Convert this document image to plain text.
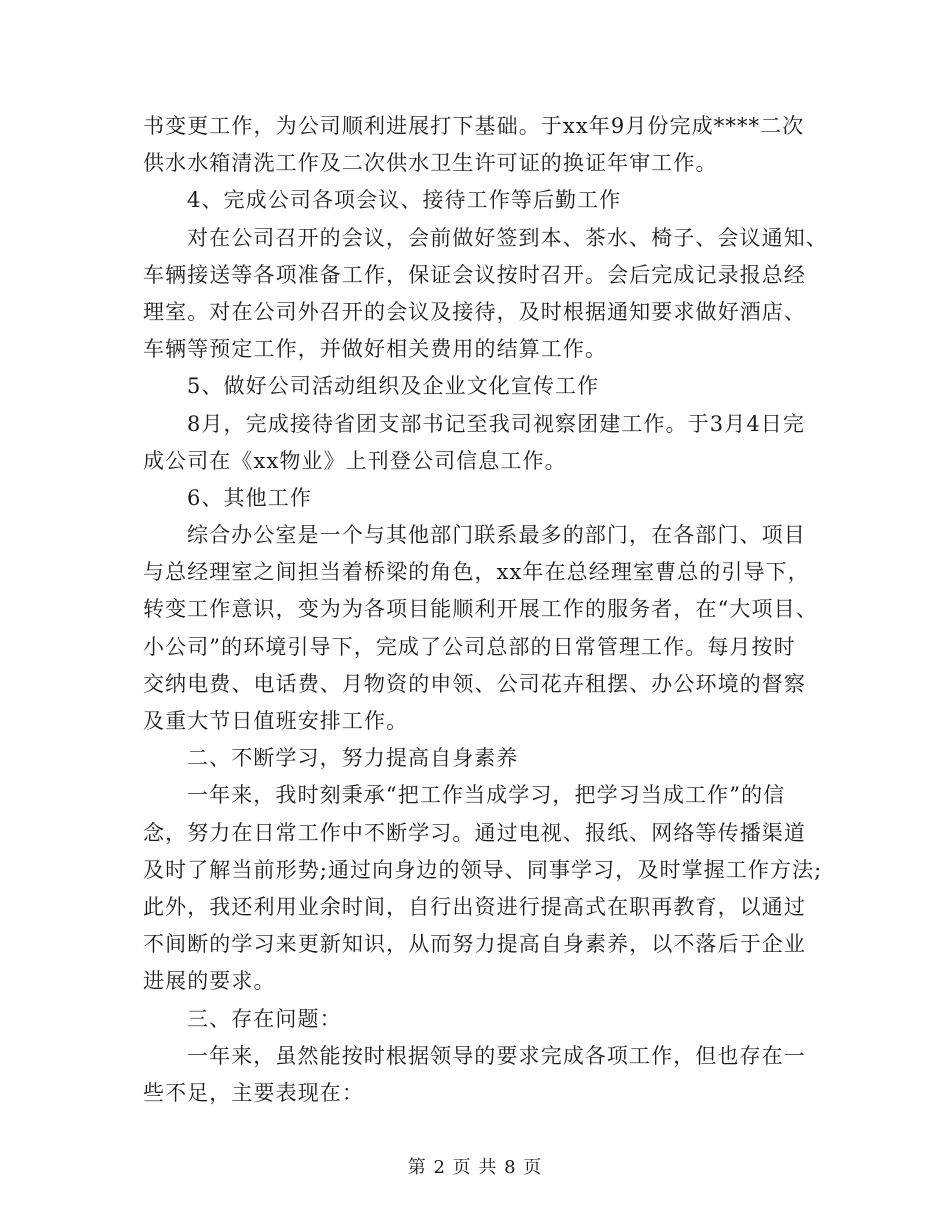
书变更工作，为公司顺利进展打下基础。于xx年9月份完成****二次
供水水箱清洗工作及二次供水卫生许可证的换证年审工作。
4、完成公司各项会议、接待工作等后勤工作
对在公司召开的会议，会前做好签到本、茶水、椅子、会议通知、
车辆接送等各项准备工作，保证会议按时召开。会后完成记录报总经
理室。对在公司外召开的会议及接待，及时根据通知要求做好酒店、
车辆等预定工作，并做好相关费用的结算工作。
5、做好公司活动组织及企业文化宣传工作
8月，完成接待省团支部书记至我司视察团建工作。于3月4日完
成公司在《xx物业》上刊登公司信息工作。
6、其他工作
综合办公室是一个与其他部门联系最多的部门，在各部门、项目
与总经理室之间担当着桥梁的角色，xx年在总经理室曹总的引导下，
转变工作意识，变为为各项目能顺利开展工作的服务者，在“大项目、
小公司”的环境引导下，完成了公司总部的日常管理工作。每月按时
交纳电费、电话费、月物资的申领、公司花卉租摆、办公环境的督察
及重大节日值班安排工作。
二、不断学习，努力提高自身素养
一年来，我时刻秉承“把工作当成学习，把学习当成工作”的信
念，努力在日常工作中不断学习。通过电视、报纸、网络等传播渠道
及时了解当前形势;通过向身边的领导、同事学习，及时掌握工作方法;
此外，我还利用业余时间，自行出资进行提高式在职再教育，以通过
不间断的学习来更新知识，从而努力提高自身素养，以不落后于企业
进展的要求。
三、存在问题：
一年来，虽然能按时根据领导的要求完成各项工作，但也存在一
些不足，主要表现在：
第 2 页 共 8 页
